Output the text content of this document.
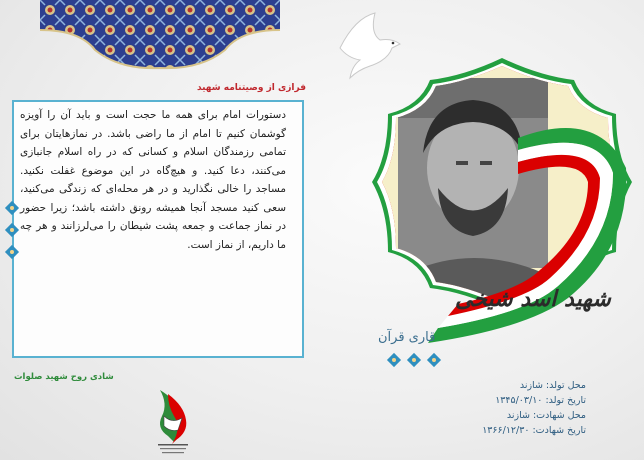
فرازی از وصیتنامه شهید

دستورات امام برای همه ما حجت است و باید آن را آویزه گوشمان کنیم تا امام از ما راضی باشد. در نمازهایتان برای تمامی رزمندگان اسلام و کسانی که در راه اسلام جانبازی می‌کنند، دعا کنید. و هیچ‌گاه در این موضوع غفلت نکنید. مساجد را خالی نگذارید و در هر محله‌ای که زندگی می‌کنید، سعی کنید مسجد آنجا همیشه رونق داشته باشد؛ زیرا حضور در نماز جماعت و جمعه پشت شیطان را می‌لرزانند و هر چه ما داریم، از نماز است.

شادی روح شهید صلوات
شهید اسد شیخی
قاری قرآن
محل تولد: شازند
تاریخ تولد: ۱۳۴۵/۰۳/۱۰
محل شهادت: شازند
تاریخ شهادت: ۱۳۶۶/۱۲/۳۰
